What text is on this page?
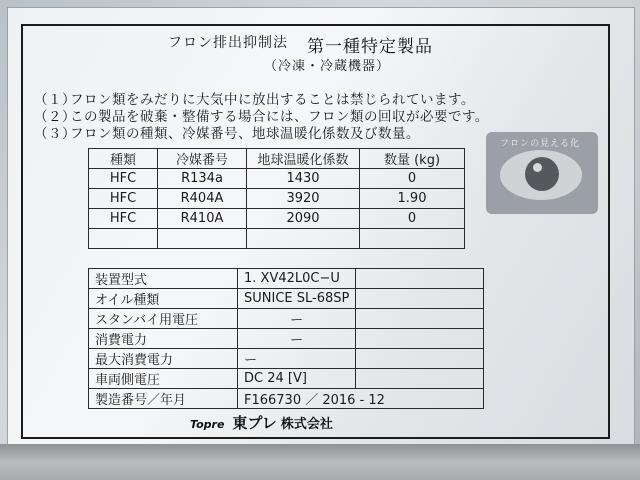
フロン排出抑制法 第一種特定製品
（冷凍・冷蔵機器）
（１）フロン類をみだりに大気中に放出することは禁じられています。
（２）この製品を破棄・整備する場合には、フロン類の回収が必要です。
（３）フロン類の種類、冷媒番号、地球温暖化係数及び数量。
種類	冷媒番号	地球温暖化係数	数量 (kg)
HFC	R134a	1430	0
HFC	R404A	3920	1.90
HFC	R410A	2090	0

フロンの見える化
装置型式	1. XV42L0C−U	
オイル種類	SUNICE SL-68SP	
スタンバイ用電圧	ー	
消費電力	ー	
最大消費電力	ー	
車両側電圧	DC 24 [V]	
製造番号／年月	F166730 ／ 2016 - 12	
Topre 東プレ 株式会社
